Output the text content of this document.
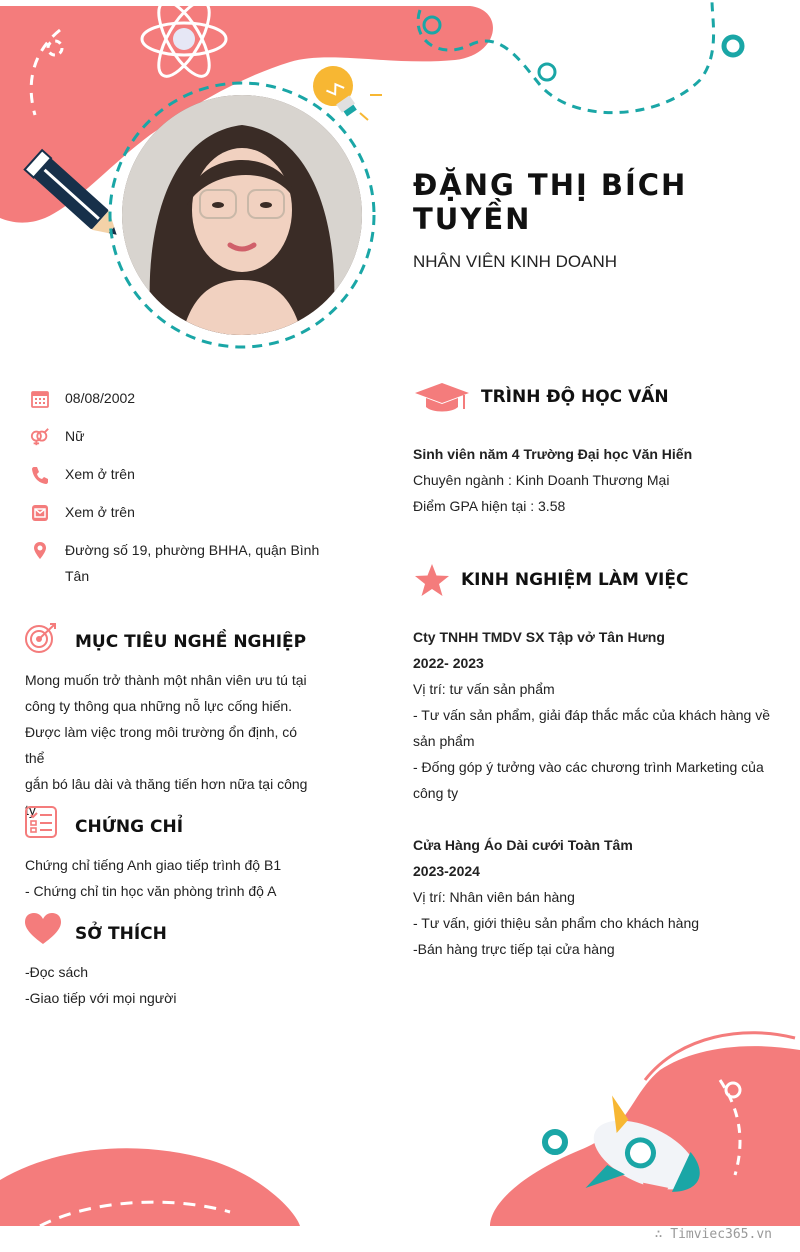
ĐẶNG THỊ BÍCH TUYỀN
NHÂN VIÊN KINH DOANH
08/08/2002
Nữ
Xem ở trên
Xem ở trên
Đường số 19, phường BHHA, quận Bình Tân
MỤC TIÊU NGHỀ NGHIỆP
Mong muốn trở thành một nhân viên ưu tú tại
công ty thông qua những nỗ lực cống hiến.
Được làm việc trong môi trường ổn định, có thể
gắn bó lâu dài và thăng tiến hơn nữa tại công
ty
CHỨNG CHỈ
Chứng chỉ tiếng Anh giao tiếp trình độ B1
- Chứng chỉ tin học văn phòng trình độ A
SỞ THÍCH
-Đọc sách
-Giao tiếp với mọi người
TRÌNH ĐỘ HỌC VẤN
Sinh viên năm 4 Trường Đại học Văn Hiến
Chuyên ngành : Kinh Doanh Thương Mại
Điểm GPA hiện tại : 3.58
KINH NGHIỆM LÀM VIỆC
Cty TNHH TMDV SX Tập vở Tân Hưng
2022- 2023
Vị trí: tư vấn sản phẩm
- Tư vấn sản phẩm, giải đáp thắc mắc của khách hàng về
sản phẩm
- Đống góp ý tưởng vào các chương trình Marketing của
công ty
Cửa Hàng Áo Dài cưới Toàn Tâm
2023-2024
Vị trí: Nhân viên bán hàng
- Tư vấn, giới thiệu sản phẩm cho khách hàng
-Bán hàng trực tiếp tại cửa hàng
∴ Timviec365.vn
